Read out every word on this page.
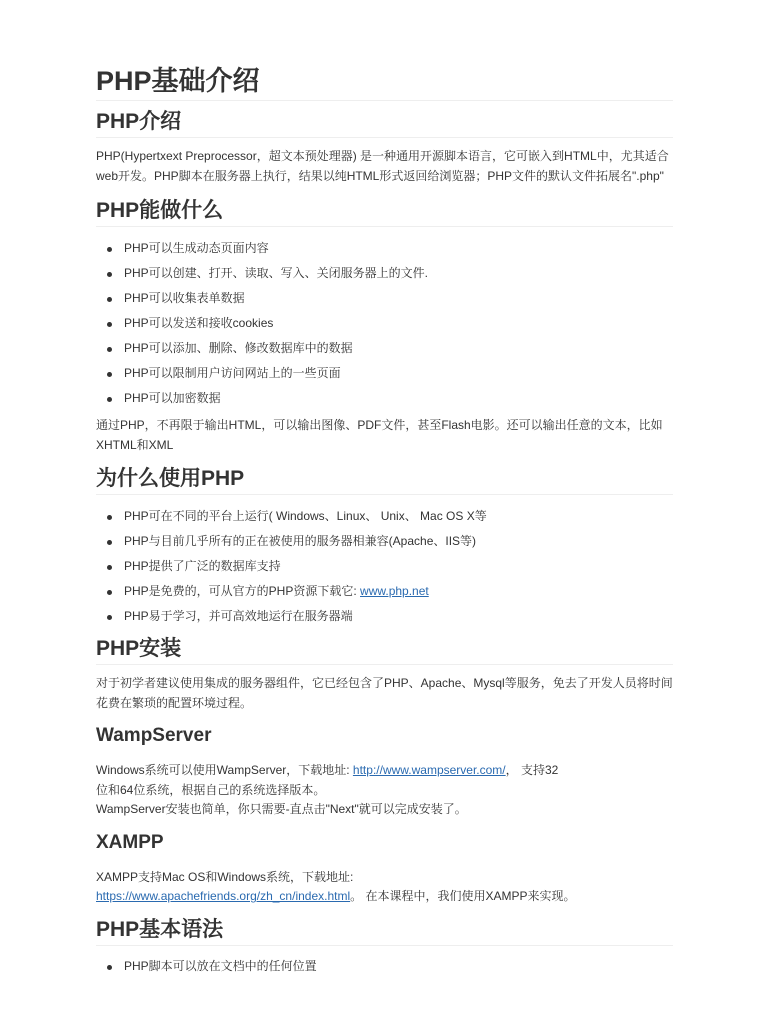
PHP基础介绍
PHP介绍

PHP(Hypertxext Preprocessor，超文本预处理器) 是一种通用开源脚本语言，它可嵌入到HTML中，尤其适合web开发。PHP脚本在服务器上执行，结果以纯HTML形式返回给浏览器；PHP文件的默认文件拓展名".php"

PHP能做什么
PHP可以生成动态页面内容
PHP可以创建、打开、读取、写入、关闭服务器上的文件.
PHP可以收集表单数据
PHP可以发送和接收cookies
PHP可以添加、删除、修改数据库中的数据
PHP可以限制用户访问网站上的一些页面
PHP可以加密数据

通过PHP，不再限于输出HTML，可以输出图像、PDF文件，甚至Flash电影。还可以输出任意的文本，比如XHTML和XML

为什么使用PHP
PHP可在不同的平台上运行( Windows、Linux、 Unix、 Mac OS X等
PHP与目前几乎所有的正在被使用的服务器相兼容(Apache、IIS等)
PHP提供了广泛的数据库支持
PHP是免费的，可从官方的PHP资源下载它: www.php.net
PHP易于学习，并可高效地运行在服务器端
PHP安装

对于初学者建议使用集成的服务器组件，它已经包含了PHP、Apache、Mysql等服务，免去了开发人员将时间花费在繁琐的配置环境过程。

WampServer

Windows系统可以使用WampServer，下载地址: http://www.wampserver.com/， 支持32
位和64位系统，根据自己的系统选择版本。
WampServer安装也简单，你只需要-直点击"Next"就可以完成安装了。

XAMPP

XAMPP支持Mac OS和Windows系统，下载地址:
https://www.apachefriends.org/zh_cn/index.html。 在本课程中，我们使用XAMPP来实现。

PHP基本语法
PHP脚本可以放在文档中的任何位置
